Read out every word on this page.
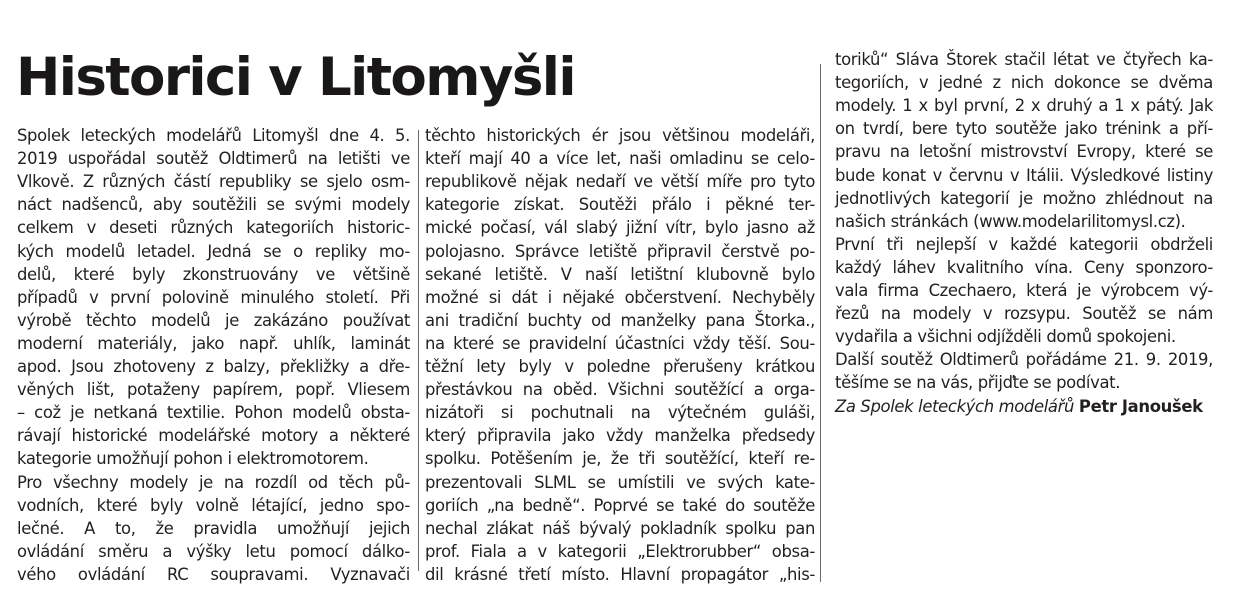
Historici v Litomyšli
Spolek leteckých modelářů Litomyšl dne 4. 5.
2019 uspořádal soutěž Oldtimerů na letišti ve
Vlkově. Z různých částí republiky se sjelo osm-
náct nadšenců, aby soutěžili se svými modely
celkem v deseti různých kategoriích historic-
kých modelů letadel. Jedná se o repliky mo-
delů, které byly zkonstruovány ve většině
případů v první polovině minulého století. Při
výrobě těchto modelů je zakázáno používat
moderní materiály, jako např. uhlík, laminát
apod. Jsou zhotoveny z balzy, překližky a dře-
věných lišt, potaženy papírem, popř. Vliesem
– což je netkaná textilie. Pohon modelů obsta-
rávají historické modelářské motory a některé
kategorie umožňují pohon i elektromotorem.
Pro všechny modely je na rozdíl od těch pů-
vodních, které byly volně létající, jedno spo-
lečné. A to, že pravidla umožňují jejich
ovládání směru a výšky letu pomocí dálko-
vého ovládání RC soupravami. Vyznavači
těchto historických ér jsou většinou modeláři,
kteří mají 40 a více let, naši omladinu se celo-
republikově nějak nedaří ve větší míře pro tyto
kategorie získat. Soutěži přálo i pěkné ter-
mické počasí, vál slabý jižní vítr, bylo jasno až
polojasno. Správce letiště připravil čerstvě po-
sekané letiště. V naší letištní klubovně bylo
možné si dát i nějaké občerstvení. Nechyběly
ani tradiční buchty od manželky pana Štorka.,
na které se pravidelní účastníci vždy těší. Sou-
těžní lety byly v poledne přerušeny krátkou
přestávkou na oběd. Všichni soutěžící a orga-
nizátoři si pochutnali na výtečném guláši,
který připravila jako vždy manželka předsedy
spolku. Potěšením je, že tři soutěžící, kteří re-
prezentovali SLML se umístili ve svých kate-
goriích „na bedně“. Poprvé se také do soutěže
nechal zlákat náš bývalý pokladník spolku pan
prof. Fiala a v kategorii „Elektrorubber“ obsa-
dil krásné třetí místo. Hlavní propagátor „his-
toriků“ Sláva Štorek stačil létat ve čtyřech ka-
tegoriích, v jedné z nich dokonce se dvěma
modely. 1 x byl první, 2 x druhý a 1 x pátý. Jak
on tvrdí, bere tyto soutěže jako trénink a pří-
pravu na letošní mistrovství Evropy, které se
bude konat v červnu v Itálii. Výsledkové listiny
jednotlivých kategorií je možno zhlédnout na
našich stránkách (www.modelarilitomysl.cz).
První tři nejlepší v každé kategorii obdrželi
každý láhev kvalitního vína. Ceny sponzoro-
vala firma Czechaero, která je výrobcem vý-
řezů na modely v rozsypu. Soutěž se nám
vydařila a všichni odjížděli domů spokojeni.
Další soutěž Oldtimerů pořádáme 21. 9. 2019,
těšíme se na vás, přijďte se podívat.
Za Spolek leteckých modelářů Petr Janoušek
